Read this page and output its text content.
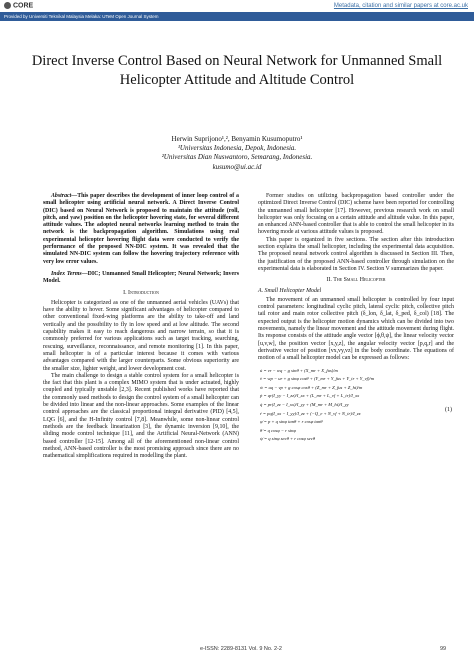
CORE	Metadata, citation and similar papers at core.ac.uk
Provided by Universiti Teknikal Malaysia Melaka: UTeM Open Journal System
Direct Inverse Control Based on Neural Network for Unmanned Small Helicopter Attitude and Altitude Control
Herwin Suprijono¹,², Benyamin Kusumoputro¹
¹Universitas Indonesia, Depok, Indonesia.
²Universitas Dian Nuswantoro, Semarang, Indonesia.
kusumo@ui.ac.id

Abstract—This paper describes the development of inner loop control of a small helicopter using artificial neural network. A Direct Inverse Control (DIC) based on Neural Network is proposed to maintain the attitude (roll, pitch, and yaw) position on the helicopter hovering state, for several different attitude values. The adopted neural networks learning method to train the network is the backpropagation algorithm. Simulations using real experimental helicopter hovering flight data were conducted to verify the performance of the proposed NN-DIC system. It was revealed that the simulated NN-DIC system can follow the hovering trajectory reference with very low error values.

Index Terms—DIC; Unmanned Small Helicopter; Neural Network; Invers Model.

I. Introduction

Helicopter is categorized as one of the unmanned aerial vehicles (UAVs) that have the ability to hover. Some significant advantages of helicopter compared to other conventional fixed-wing platforms are the ability to take-off and land vertically and the possibility to fly in low speed and at low altitude. The second capability makes it easy to reach dangerous and narrow terrain, so that it is commonly preferred for various applications such as target tracking, searching, rescuing, surveillance, reconnaissance, and remote monitoring [1]. In this paper, small helicopter is of a particular interest because it comes with various advantages compared with the larger counterparts. Some obvious superiority are the smaller size, lighter weight, and lower development cost.

The main challenge to design a stable control system for a small helicopter is the fact that this plant is a complex MIMO system that is under actuated, highly coupled and typically unstable [2,3]. Recent published works have reported that the commonly used methods to design the control system of a small helicopter can be divided into linear and the non-linear approaches. Some examples of the linear control approaches are the classical proportional integral derivative (PID) [4,5], LQG [6], and the H-Infinity control [7,8]. Meanwhile, some non-linear control methods are the feedback linearization [3], the dynamic inversion [9,10], the sliding mode control technique [11], and the Artificial Neural-Network (ANN) based controller [12-15]. Among all of the aforementioned non-linear control method, ANN-based controller is the most promising approach since there are no mathematical simplifications required in modelling the plant.

Former studies on utilizing backpropagation based controller under the optimized Direct Inverse Control (DIC) scheme have been reported for controlling the unmanned small helicopter [17]. However, previous research work on small helicopter was only focusing on a certain attitude and altitude value. In this paper, an enhanced ANN-based controller that is able to control the small helicopter in its hovering mode at various attitude values is proposed.

This paper is organized in five sections. The section after this introduction section explains the small helicopter, including the experimental data acquisition. The proposed neural network control algorithm is discussed in Section III. Then, the justification of the proposed ANN-based controller through simulation on the experimental data is elaborated in Section IV. Section V summarizes the paper.

II. The Small Helicopter

A. Small Helicopter Model

The movement of an unmanned small helicopter is controlled by four input control parameters: longitudinal cyclic pitch, lateral cyclic pitch, collective pitch tail rotor and main rotor collective pitch (δ_lon, δ_lat, δ_ped, δ_col) [18]. The expected output is the helicopter motion dynamics which can be divided into two movements, namely the linear movement and the attitude movement during flight. Its response consists of the attitude angle vector [ϕ,θ,ψ], the linear velocity vector [u,v,w], the position vector [x,y,z], the angular velocity vector [p,q,r] and the derivative vector of position [vx,vy,vz] in the body coordinate. The equations of motion of a small helicopter model can be expressed as follows:

u̇ = vr − wq − g sinθ + (X_mr + X_fus)/m
v̇ = wp − ur + g sinφ cosθ + (Y_mr + Y_fus + Y_tr + Y_vf)/m
ẇ = uq − vp + g cosφ cosθ + (Z_mr + Z_fus + Z_ht)/m
ṗ = qr(I_yy − I_zz)/I_xx + (L_mr + L_vf + L_tr)/I_xx
q̇ = pr(I_zz − I_xx)/I_yy + (M_mr + M_ht)/I_yy
ṙ = pq(I_xx − I_yy)/I_zz + (−Q_e + N_vf + N_tr)/I_zz
φ̇ = p + q sinφ tanθ + r cosφ tanθ
θ̇ = q cosφ − r sinφ
ψ̇ = q sinφ secθ + r cosφ secθ
(1)
e-ISSN: 2289-8131 Vol. 9 No. 2-2	99
